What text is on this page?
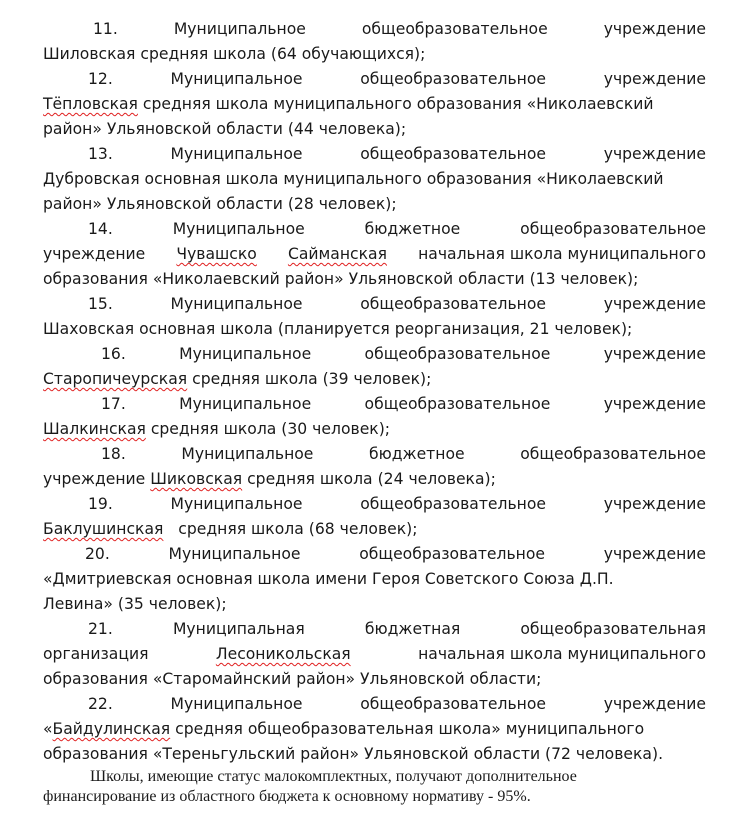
11.	Муниципальное	общеобразовательное	учреждение
Шиловская средняя школа (64 обучающихся);
12.	Муниципальное	общеобразовательное	учреждение
Тёпловская средняя школа муниципального образования «Николаевский
район» Ульяновской области (44 человека);
13.	Муниципальное	общеобразовательное	учреждение
Дубровская основная школа муниципального образования «Николаевский
район» Ульяновской области (28 человек);
14.	Муниципальное	бюджетное	общеобразовательное
учреждение Чувашско Сайманская начальная школа муниципального
образования «Николаевский район» Ульяновской области (13 человек);
15.	Муниципальное	общеобразовательное	учреждение
Шаховская основная школа (планируется реорганизация, 21 человек);
16.	Муниципальное	общеобразовательное	учреждение
Старопичеурская средняя школа (39 человек);
17.	Муниципальное	общеобразовательное	учреждение
Шалкинская средняя школа (30 человек);
18.	Муниципальное	бюджетное	общеобразовательное
учреждение Шиковская средняя школа (24 человека);
19.	Муниципальное	общеобразовательное	учреждение
Баклушинская   средняя школа (68 человек);
20.	Муниципальное	общеобразовательное	учреждение
«Дмитриевская основная школа имени Героя Советского Союза Д.П.
Левина» (35 человек);
21.	Муниципальная	бюджетная	общеобразовательная
организация	Лесоникольская	начальная школа муниципального
образования «Старомайнский район» Ульяновской области;
22.	Муниципальное	общеобразовательное	учреждение
«Байдулинская средняя общеобразовательная школа» муниципального
образования «Тереньгульский район» Ульяновской области (72 человека).
Школы, имеющие статус малокомплектных, получают дополнительное
финансирование из областного бюджета к основному нормативу - 95%.
